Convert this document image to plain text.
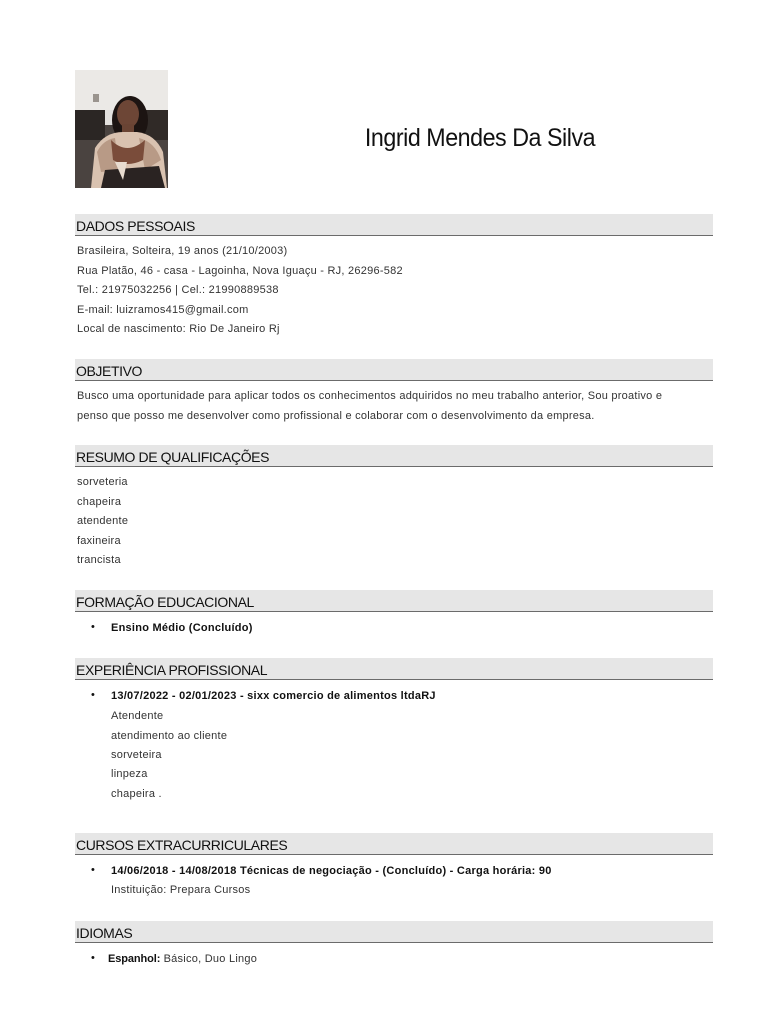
Ingrid Mendes Da Silva
DADOS PESSOAIS
Brasileira, Solteira, 19 anos (21/10/2003)
Rua Platão, 46 - casa - Lagoinha, Nova Iguaçu - RJ, 26296-582
Tel.: 21975032256 | Cel.: 21990889538
E-mail: luizramos415@gmail.com
Local de nascimento: Rio De Janeiro Rj
OBJETIVO
Busco uma oportunidade para aplicar todos os conhecimentos adquiridos no meu trabalho anterior, Sou proativo e
penso que posso me desenvolver como profissional e colaborar com o desenvolvimento da empresa.
RESUMO DE QUALIFICAÇÕES
sorveteria
chapeira
atendente
faxineira
trancista
FORMAÇÃO EDUCACIONAL
• Ensino Médio (Concluído)
EXPERIÊNCIA PROFISSIONAL
• 13/07/2022 - 02/01/2023 - sixx comercio de alimentos ltdaRJ
Atendente
atendimento ao cliente
sorveteira
linpeza
chapeira .
CURSOS EXTRACURRICULARES
• 14/06/2018 - 14/08/2018 Técnicas de negociação - (Concluído) - Carga horária: 90
Instituição: Prepara Cursos
IDIOMAS
• Espanhol: Básico, Duo Lingo
